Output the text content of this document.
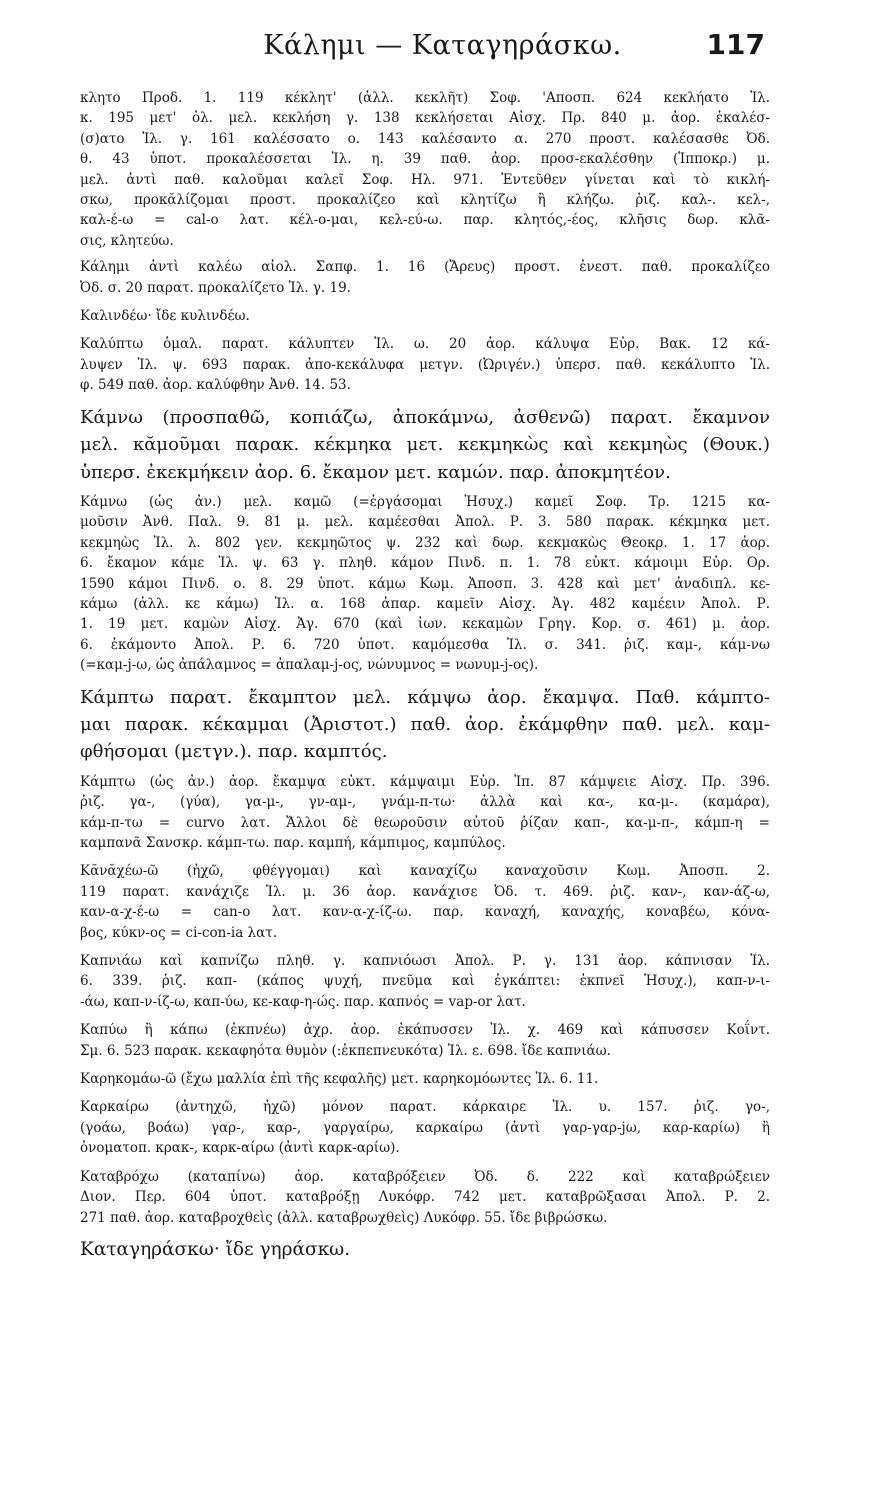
Κάλημι — Καταγηράσκω.	117
κλητο Προδ. 1. 119 κέκλητ' (ἀλλ. κεκλῆτ) Σοφ. 'Αποσπ. 624 κεκλήατο Ἰλ.
κ. 195 μετ' ὀλ. μελ. κεκλήση γ. 138 κεκλήσεται Αἰσχ. Πρ. 840 μ. ἀορ. ἐκαλέσ-
(σ)ατο Ἰλ. γ. 161 καλέσσατο ο. 143 καλέσαντο α. 270 προστ. καλέσασθε Ὀδ.
θ. 43 ὑποτ. προκαλέσσεται Ἰλ. η. 39 παθ. ἀορ. προσ-εκαλέσθην (Ἱπποκρ.) μ.
μελ. ἀντὶ παθ. καλοῦμαι καλεῖ Σοφ. Ηλ. 971. Ἐντεῦθεν γίνεται καὶ τὸ κικλή-
σκω, προκᾰλίζομαι προστ. προκαλίζεο καὶ κλητίζω ἢ κλήζω. ῥιζ. καλ-. κελ-,
καλ-έ-ω = cal-o λατ. κέλ-ο-μαι, κελ-εύ-ω. παρ. κλητός,-έος, κλῆσις δωρ. κλᾶ-
σις, κλητεύω.
Κάλημι ἀντὶ καλέω αἰολ. Σαπφ. 1. 16 (Ἄρευς) προστ. ἐνεστ. παθ. προκαλίζεο
Ὀδ. σ. 20 παρατ. προκαλίζετο Ἰλ. γ. 19.
Καλινδέω· ἴδε κυλινδέω.
Καλύπτω ὁμαλ. παρατ. κάλυπτεν Ἰλ. ω. 20 ἀορ. κάλυψα Εὐρ. Βακ. 12 κά-
λυψεν Ἰλ. ψ. 693 παρακ. ἀπο-κεκάλυφα μετγν. (Ὠριγέν.) ὑπερσ. παθ. κεκάλυπτο Ἰλ.
φ. 549 παθ. ἀορ. καλύφθην Ἀνθ. 14. 53.
Κάμνω (προσπαθῶ, κοπιάζω, ἀποκάμνω, ἀσθενῶ) παρατ. ἔκαμνον
μελ. κᾰμοῦμαι παρακ. κέκμηκα μετ. κεκμηκὼς καὶ κεκμηὼς (Θουκ.)
ὑπερσ. ἐκεκμήκειν ἀορ. 6. ἔκαμον μετ. καμών. παρ. ἀποκμητέον.
Κάμνω (ὡς ἀν.) μελ. καμῶ (=ἐργάσομαι Ἡσυχ.) καμεῖ Σοφ. Τρ. 1215 κα-
μοῦσιν Ἀνθ. Παλ. 9. 81 μ. μελ. καμέεσθαι Ἀπολ. Ρ. 3. 580 παρακ. κέκμηκα μετ.
κεκμηὼς Ἰλ. λ. 802 γεν. κεκμηῶτος ψ. 232 καὶ δωρ. κεκμακὼς Θεοκρ. 1. 17 ἀορ.
6. ἔκαμον κάμε Ἰλ. ψ. 63 γ. πληθ. κάμον Πινδ. π. 1. 78 εὐκτ. κάμοιμι Εὐρ. Ορ.
1590 κάμοι Πινδ. ο. 8. 29 ὑποτ. κάμω Κωμ. Ἀποσπ. 3. 428 καὶ μετ' ἀναδιπλ. κε-
κάμω (ἀλλ. κε κάμω) Ἰλ. α. 168 ἀπαρ. καμεῖν Αἰσχ. Ἀγ. 482 καμέειν Ἀπολ. Ρ.
1. 19 μετ. καμὼν Αἰσχ. Ἀγ. 670 (καὶ ἰων. κεκαμὼν Γρηγ. Κορ. σ. 461) μ. ἀορ.
6. ἐκάμοντο Ἀπολ. Ρ. 6. 720 ὑποτ. καμόμεσθα Ἰλ. σ. 341. ῥιζ. καμ-, κάμ-νω
(=καμ-j-ω, ὡς ἀπάλαμνος = ἀπαλαμ-j-ος, νώνυμνος = νωνυμ-j-ος).
Κάμπτω παρατ. ἔκαμπτον μελ. κάμψω ἀορ. ἔκαμψα. Παθ. κάμπτο-
μαι παρακ. κέκαμμαι (Ἀριστοτ.) παθ. ἀορ. ἐκάμφθην παθ. μελ. καμ-
φθήσομαι (μετγν.). παρ. καμπτός.
Κάμπτω (ὡς ἀν.) ἀορ. ἔκαμψα εὐκτ. κάμψαιμι Εὐρ. Ἱπ. 87 κάμψειε Αἰσχ. Πρ. 396.
ῥιζ. γα-, (γύα), γα-μ-, γν-αμ-, γνάμ-π-τω· ἀλλὰ καὶ κα-, κα-μ-. (καμάρα),
κάμ-π-τω = curvo λατ. Ἄλλοι δὲ θεωροῦσιν αὐτοῦ ῥίζαν καπ-, κα-μ-π-, κάμπ-η =
καμπανᾶ Σανσκρ. κάμπ-τω. παρ. καμπή, κάμπιμος, καμπύλος.
Κᾰνᾰχέω-ῶ (ἠχῶ, φθέγγομαι) καὶ καναχίζω καναχοῦσιν Κωμ. Ἀποσπ. 2.
119 παρατ. κανάχιζε Ἰλ. μ. 36 ἀορ. κανάχισε Ὀδ. τ. 469. ῥιζ. καν-, καν-άζ-ω,
καν-α-χ-έ-ω = can-o λατ. καν-α-χ-ίζ-ω. παρ. καναχή, καναχής, κοναβέω, κόνα-
βος, κύκν-ος = ci-con-ia λατ.
Καπνιάω καὶ καπνίζω πληθ. γ. καπνιόωσι Ἀπολ. Ρ. γ. 131 ἀορ. κάπνισαν Ἰλ.
6. 339. ῥιζ. καπ- (κάπος ψυχή, πνεῦμα καὶ ἐγκάπτει: ἐκπνεῖ Ἡσυχ.), καπ-ν-ι-
-άω, καπ-ν-ίζ-ω, καπ-ύω, κε-καφ-η-ώς. παρ. καπνός = vap-or λατ.
Καπύω ἢ κάπω (ἐκπνέω) ἀχρ. ἀορ. ἐκάπυσσεν Ἰλ. χ. 469 καὶ κάπυσσεν Κοΐντ.
Σμ. 6. 523 παρακ. κεκαφηότα θυμὸν (:ἐκπεπνευκότα) Ἰλ. ε. 698. ἴδε καπνιάω.
Καρηκομάω-ῶ (ἔχω μαλλία ἐπὶ τῆς κεφαλῆς) μετ. καρηκομόωντες Ἰλ. 6. 11.
Καρκαίρω (ἀντηχῶ, ἠχῶ) μόνον παρατ. κάρκαιρε Ἰλ. υ. 157. ῥιζ. γο-,
(γοάω, βοάω) γαρ-, καρ-, γαργαίρω, καρκαίρω (ἀντὶ γαρ-γαρ-jω, καρ-καρίω) ἢ
ὀνοματοπ. κρακ-, καρκ-αίρω (ἀντὶ καρκ-αρίω).
Καταβρόχω (καταπίνω) ἀορ. καταβρόξειεν Ὀδ. δ. 222 καὶ καταβρώξειεν
Διον. Περ. 604 ὑποτ. καταβρόξῃ Λυκόφρ. 742 μετ. καταβρῶξασαι Ἀπολ. Ρ. 2.
271 παθ. ἀορ. καταβροχθεὶς (ἀλλ. καταβρωχθεὶς) Λυκόφρ. 55. ἴδε βιβρώσκω.
Καταγηράσκω· ἴδε γηράσκω.
